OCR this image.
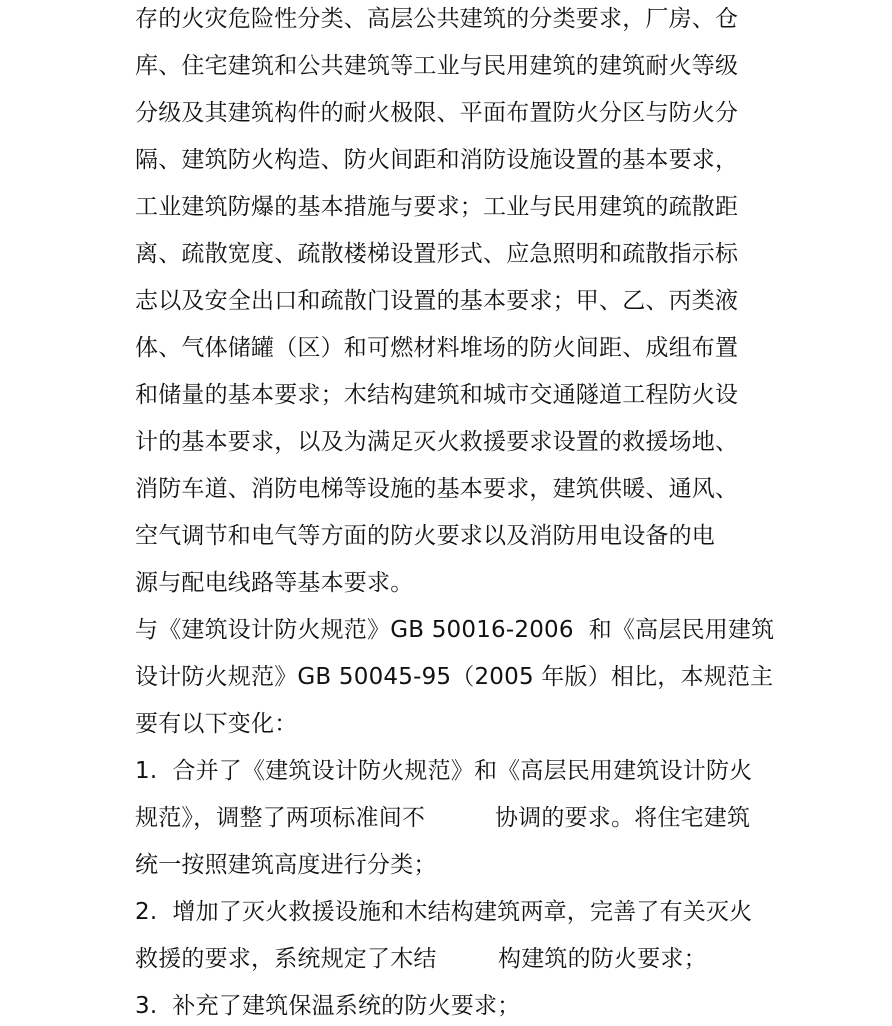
存的火灾危险性分类、高层公共建筑的分类要求，厂房、仓
库、住宅建筑和公共建筑等工业与民用建筑的建筑耐火等级
分级及其建筑构件的耐火极限、平面布置防火分区与防火分
隔、建筑防火构造、防火间距和消防设施设置的基本要求，
工业建筑防爆的基本措施与要求；工业与民用建筑的疏散距
离、疏散宽度、疏散楼梯设置形式、应急照明和疏散指示标
志以及安全出口和疏散门设置的基本要求；甲、乙、丙类液
体、气体储罐（区）和可燃材料堆场的防火间距、成组布置
和储量的基本要求；木结构建筑和城市交通隧道工程防火设
计的基本要求，以及为满足灭火救援要求设置的救援场地、
消防车道、消防电梯等设施的基本要求，建筑供暖、通风、
空气调节和电气等方面的防火要求以及消防用电设备的电
源与配电线路等基本要求。
与《建筑设计防火规范》GB 50016-2006  和《高层民用建筑
设计防火规范》GB 50045-95（2005 年版）相比，本规范主
要有以下变化：
1.  合并了《建筑设计防火规范》和《高层民用建筑设计防火
规范》，调整了两项标准间不	协调的要求。将住宅建筑
统一按照建筑高度进行分类；
2.  增加了灭火救援设施和木结构建筑两章，完善了有关灭火
救援的要求，系统规定了木结	构建筑的防火要求；
3.  补充了建筑保温系统的防火要求；
